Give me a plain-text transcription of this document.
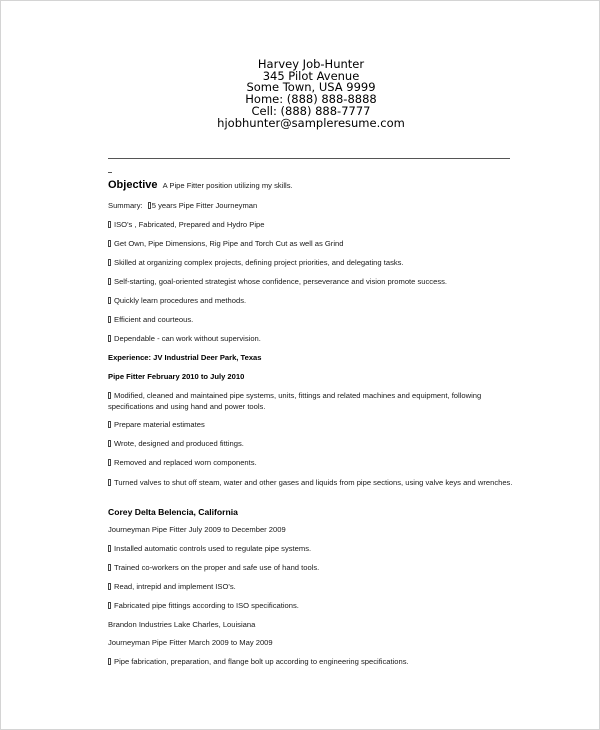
Harvey Job-Hunter
345 Pilot Avenue
Some Town, USA 9999
Home: (888) 888-8888
Cell: (888) 888-7777
hjobhunter@sampleresume.com
Objective A Pipe Fitter position utilizing my skills.
Summary: 5 years Pipe Fitter Journeyman
ISO's , Fabricated, Prepared and Hydro Pipe
Get Own, Pipe Dimensions, Rig Pipe and Torch Cut as well as Grind
Skilled at organizing complex projects, defining project priorities, and delegating tasks.
Self-starting, goal-oriented strategist whose confidence, perseverance and vision promote success.
Quickly learn procedures and methods.
Efficient and courteous.
Dependable - can work without supervision.
Experience: JV Industrial Deer Park, Texas
Pipe Fitter February 2010 to July 2010
Modified, cleaned and maintained pipe systems, units, fittings and related machines and equipment, following specifications and using hand and power tools.
Prepare material estimates
Wrote, designed and produced fittings.
Removed and replaced worn components.
Turned valves to shut off steam, water and other gases and liquids from pipe sections, using valve keys and wrenches.
Corey Delta Belencia, California
Journeyman Pipe Fitter July 2009 to December 2009
Installed automatic controls used to regulate pipe systems.
Trained co-workers on the proper and safe use of hand tools.
Read, intrepid and implement ISO's.
Fabricated pipe fittings according to ISO specifications.
Brandon Industries Lake Charles, Louisiana
Journeyman Pipe Fitter March 2009 to May 2009
Pipe fabrication, preparation, and flange bolt up according to engineering specifications.
